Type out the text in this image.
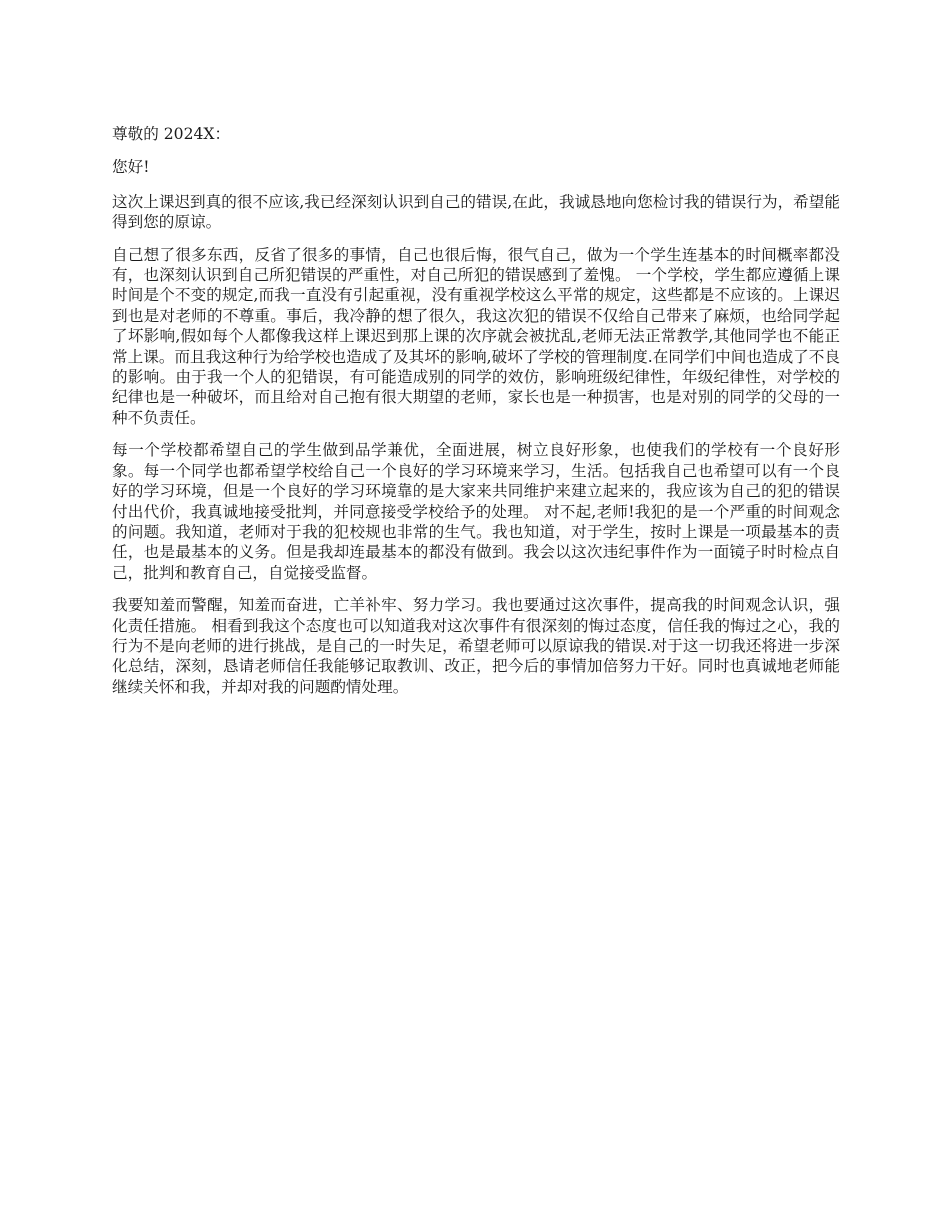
尊敬的 2024X：

您好!

这次上课迟到真的很不应该,我已经深刻认识到自己的错误,在此，我诚恳地向您检讨我的错误行为，希望能得到您的原谅。

自己想了很多东西，反省了很多的事情，自己也很后悔，很气自己，做为一个学生连基本的时间概率都没有，也深刻认识到自己所犯错误的严重性，对自己所犯的错误感到了羞愧。 一个学校，学生都应遵循上课时间是个不变的规定,而我一直没有引起重视，没有重视学校这么平常的规定，这些都是不应该的。上课迟到也是对老师的不尊重。事后，我冷静的想了很久，我这次犯的错误不仅给自己带来了麻烦，也给同学起了坏影响,假如每个人都像我这样上课迟到那上课的次序就会被扰乱,老师无法正常教学,其他同学也不能正常上课。而且我这种行为给学校也造成了及其坏的影响,破坏了学校的管理制度.在同学们中间也造成了不良的影响。由于我一个人的犯错误，有可能造成别的同学的效仿，影响班级纪律性，年级纪律性，对学校的纪律也是一种破坏，而且给对自己抱有很大期望的老师，家长也是一种损害，也是对别的同学的父母的一种不负责任。

每一个学校都希望自己的学生做到品学兼优，全面进展，树立良好形象，也使我们的学校有一个良好形象。每一个同学也都希望学校给自己一个良好的学习环境来学习，生活。包括我自己也希望可以有一个良好的学习环境，但是一个良好的学习环境靠的是大家来共同维护来建立起来的，我应该为自己的犯的错误付出代价，我真诚地接受批判，并同意接受学校给予的处理。 对不起,老师!我犯的是一个严重的时间观念的问题。我知道，老师对于我的犯校规也非常的生气。我也知道，对于学生，按时上课是一项最基本的责任，也是最基本的义务。但是我却连最基本的都没有做到。我会以这次违纪事件作为一面镜子时时检点自己，批判和教育自己，自觉接受监督。

我要知羞而警醒，知羞而奋进，亡羊补牢、努力学习。我也要通过这次事件，提高我的时间观念认识，强化责任措施。 相看到我这个态度也可以知道我对这次事件有很深刻的悔过态度，信任我的悔过之心，我的行为不是向老师的进行挑战，是自己的一时失足，希望老师可以原谅我的错误.对于这一切我还将进一步深化总结，深刻，恳请老师信任我能够记取教训、改正，把今后的事情加倍努力干好。同时也真诚地老师能继续关怀和我，并却对我的问题酌情处理。
